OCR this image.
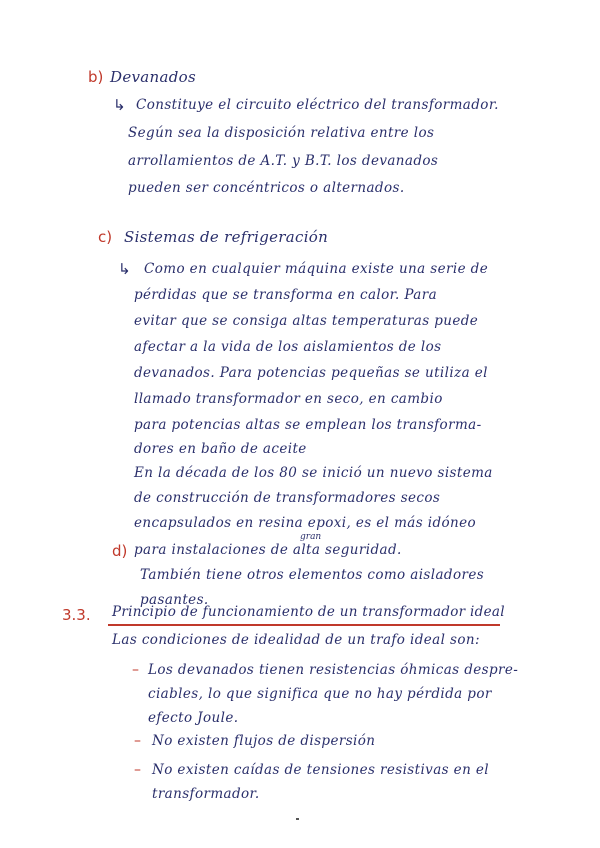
b) Devanados
↳ Constituye el circuito eléctrico del transformador.
Según sea la disposición relativa entre los
arrollamientos de A.T. y B.T. los devanados
pueden ser concéntricos o alternados.
c) Sistemas de refrigeración
↳ Como en cualquier máquina existe una serie de
pérdidas que se transforma en calor. Para
evitar que se consiga altas temperaturas puede
afectar a la vida de los aislamientos de los
devanados. Para potencias pequeñas se utiliza el
llamado transformador en seco, en cambio
para potencias altas se emplean los transforma-
dores en baño de aceite
En la década de los 80 se inició un nuevo sistema
de construcción de transformadores secos
encapsulados en resina epoxi, es el más idóneo
gran
para instalaciones de alta seguridad.
d)
También tiene otros elementos como aisladores
pasantes.
3.3. Principio de funcionamiento de un transformador ideal
Las condiciones de idealidad de un trafo ideal son:
– Los devanados tienen resistencias óhmicas despre-
ciables, lo que significa que no hay pérdida por
efecto Joule.
– No existen flujos de dispersión
– No existen caídas de tensiones resistivas en el
transformador.
